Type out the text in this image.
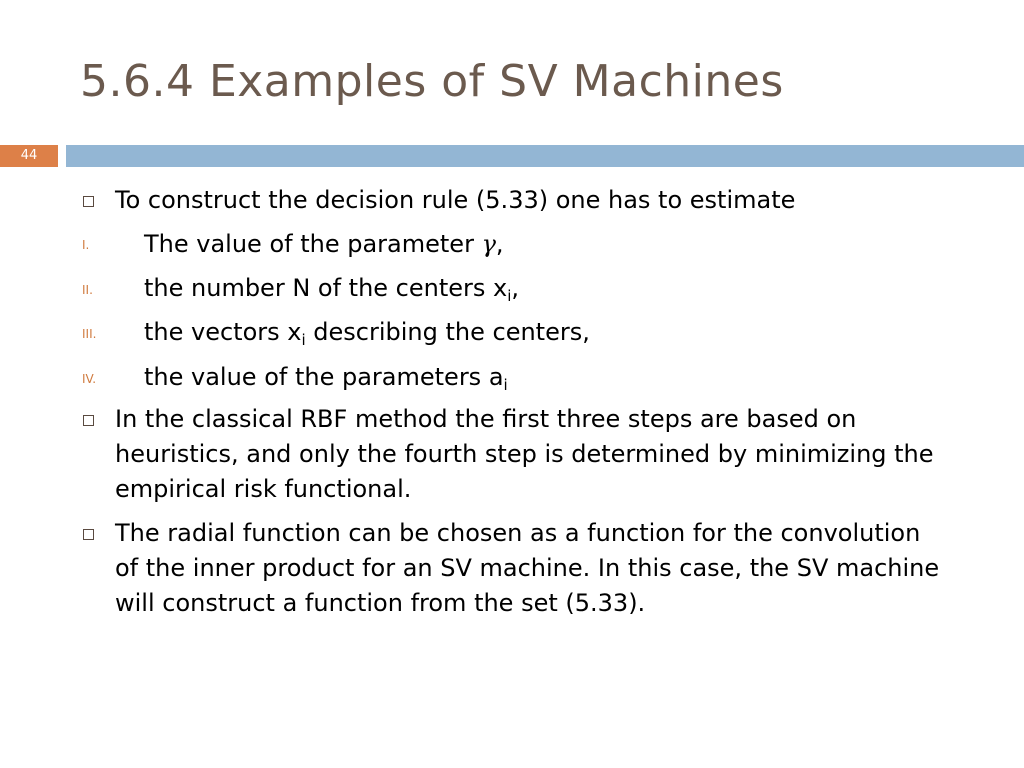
5.6.4 Examples of SV Machines
44
To construct the decision rule (5.33) one has to estimate
I. The value of the parameter γ,
II. the number N of the centers $x_i$,
III. the vectors $x_i$ describing the centers,
IV. the value of the parameters $a_i$
In the classical RBF method the first three steps are based on heuristics, and only the fourth step is determined by minimizing the empirical risk functional.
The radial function can be chosen as a function for the convolution of the inner product for an SV machine. In this case, the SV machine will construct a function from the set (5.33).
